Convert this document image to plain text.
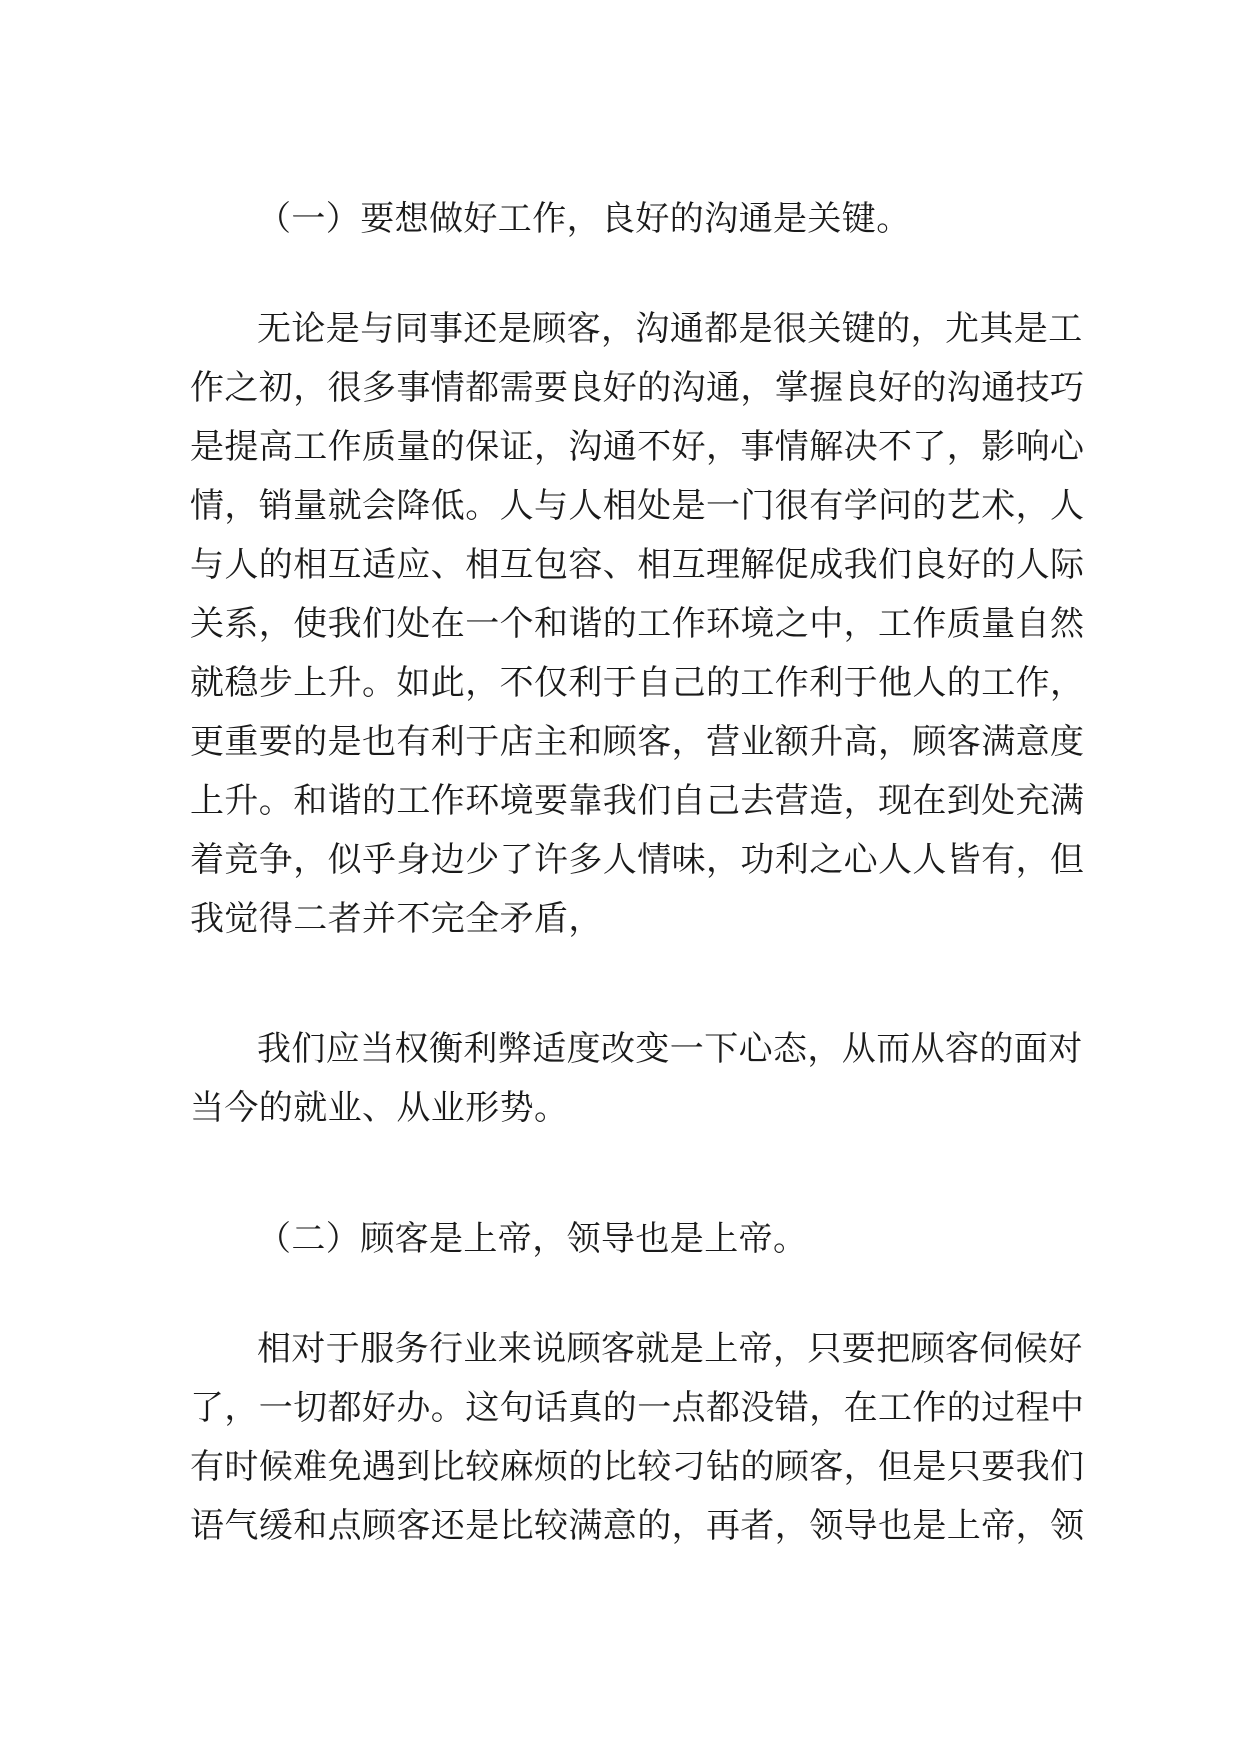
（一）要想做好工作，良好的沟通是关键。

无论是与同事还是顾客，沟通都是很关键的，尤其是工
作之初，很多事情都需要良好的沟通，掌握良好的沟通技巧
是提高工作质量的保证，沟通不好，事情解决不了，影响心
情，销量就会降低。人与人相处是一门很有学问的艺术，人
与人的相互适应、相互包容、相互理解促成我们良好的人际
关系，使我们处在一个和谐的工作环境之中，工作质量自然
就稳步上升。如此，不仅利于自己的工作利于他人的工作，
更重要的是也有利于店主和顾客，营业额升高，顾客满意度
上升。和谐的工作环境要靠我们自己去营造，现在到处充满
着竞争，似乎身边少了许多人情味，功利之心人人皆有，但
我觉得二者并不完全矛盾，
我们应当权衡利弊适度改变一下心态，从而从容的面对
当今的就业、从业形势。

（二）顾客是上帝，领导也是上帝。

相对于服务行业来说顾客就是上帝，只要把顾客伺候好
了，一切都好办。这句话真的一点都没错，在工作的过程中
有时候难免遇到比较麻烦的比较刁钻的顾客，但是只要我们
语气缓和点顾客还是比较满意的，再者，领导也是上帝，领
